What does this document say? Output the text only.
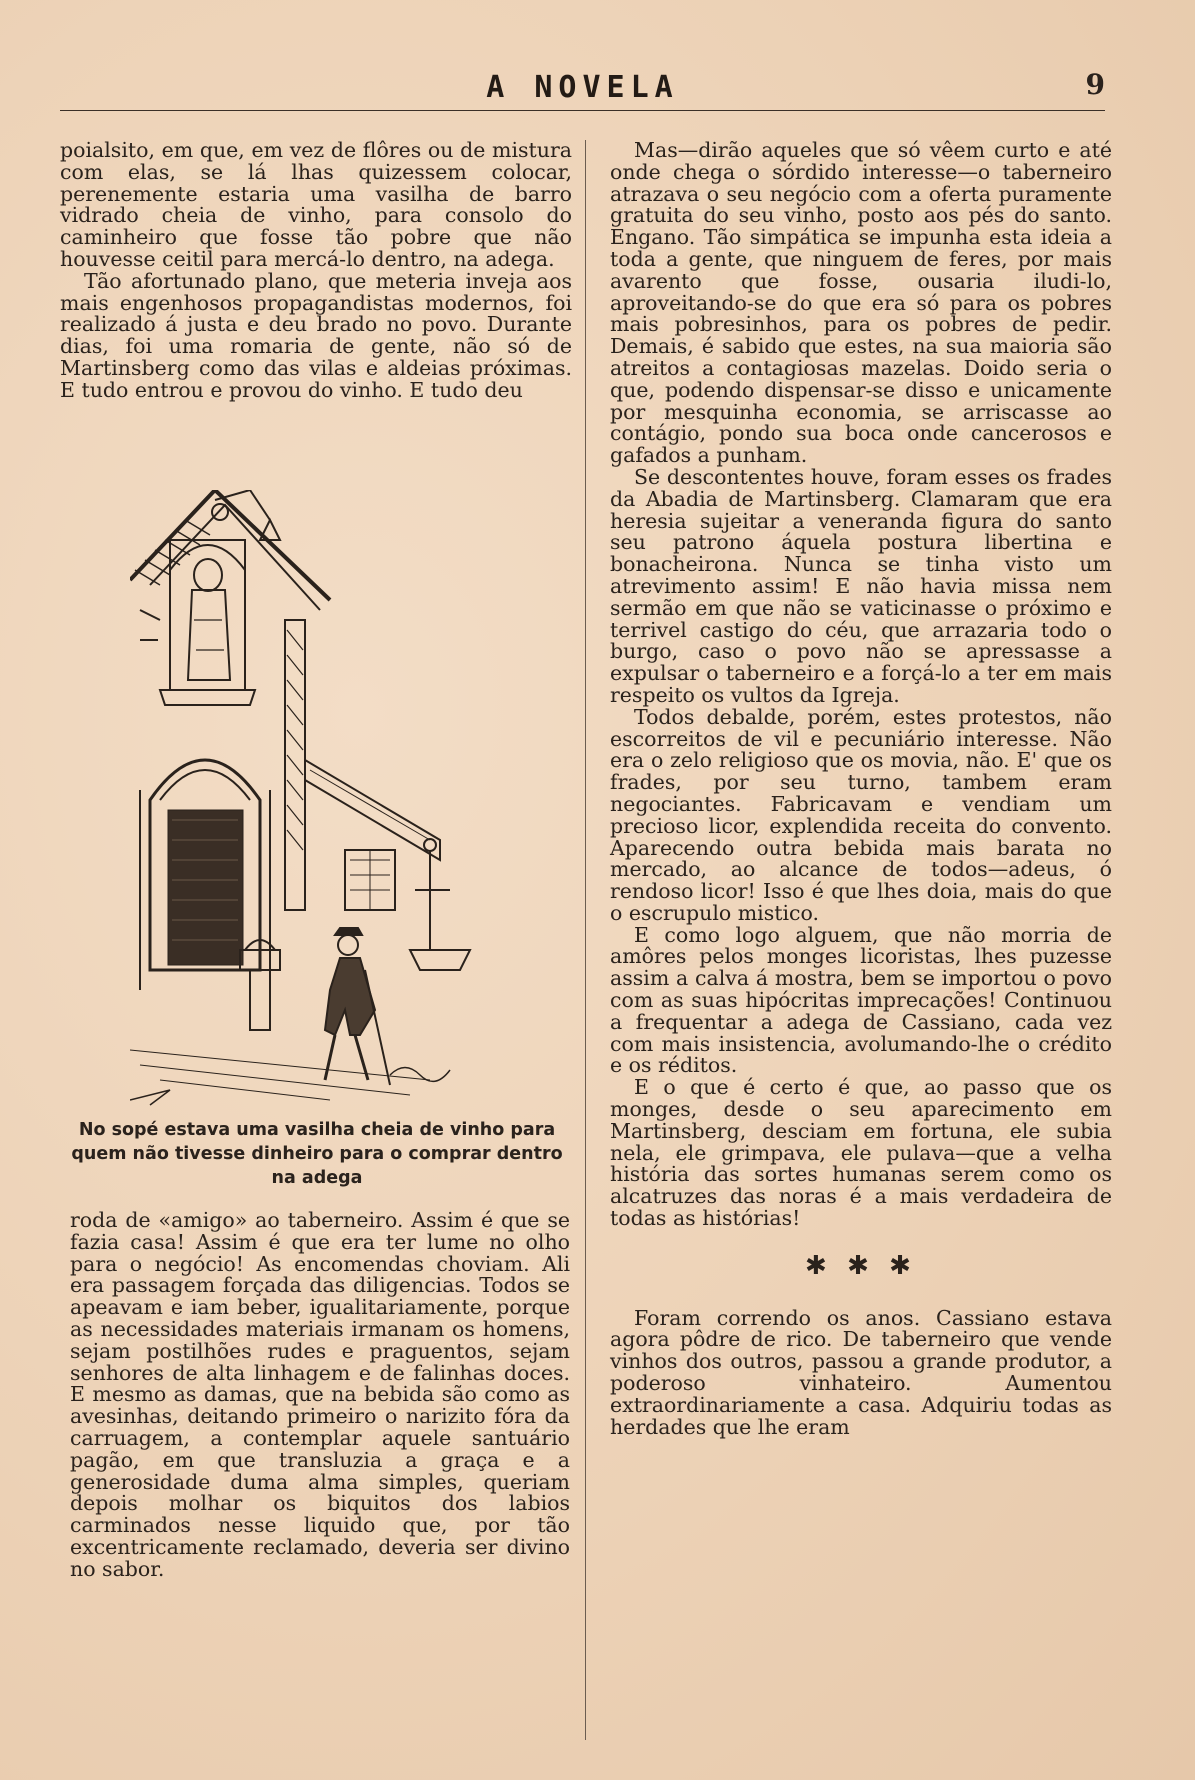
A NOVELA	9

poialsito, em que, em vez de flôres ou de mistura com elas, se lá lhas quizessem colocar, perenemente estaria uma vasilha de barro vidrado cheia de vinho, para consolo do caminheiro que fosse tão pobre que não houvesse ceitil para mercá-lo dentro, na adega.

Tão afortunado plano, que meteria inveja aos mais engenhosos propagandistas modernos, foi realizado á justa e deu brado no povo. Durante dias, foi uma romaria de gente, não só de Martinsberg como das vilas e aldeias próximas. E tudo entrou e provou do vinho. E tudo deu

No sopé estava uma vasilha cheia de vinho para quem não tivesse dinheiro para o comprar dentro na adega

roda de «amigo» ao taberneiro. Assim é que se fazia casa! Assim é que era ter lume no olho para o negócio! As encomendas choviam. Ali era passagem forçada das diligencias. Todos se apeavam e iam beber, igualitariamente, porque as necessidades materiais irmanam os homens, sejam postilhões rudes e praguentos, sejam senhores de alta linhagem e de falinhas doces. E mesmo as damas, que na bebida são como as avesinhas, deitando primeiro o narizito fóra da carruagem, a contemplar aquele santuário pagão, em que transluzia a graça e a generosidade duma alma simples, queriam depois molhar os biquitos dos labios carminados nesse liquido que, por tão excentricamente reclamado, deveria ser divino no sabor.

Mas—dirão aqueles que só vêem curto e até onde chega o sórdido interesse—o taberneiro atrazava o seu negócio com a oferta puramente gratuita do seu vinho, posto aos pés do santo. Engano. Tão simpática se impunha esta ideia a toda a gente, que ninguem de feres, por mais avarento que fosse, ousaria iludi-lo, aproveitando-se do que era só para os pobres mais pobresinhos, para os pobres de pedir. Demais, é sabido que estes, na sua maioria são atreitos a contagiosas mazelas. Doido seria o que, podendo dispensar-se disso e unicamente por mesquinha economia, se arriscasse ao contágio, pondo sua boca onde cancerosos e gafados a punham.

Se descontentes houve, foram esses os frades da Abadia de Martinsberg. Clamaram que era heresia sujeitar a veneranda figura do santo seu patrono áquela postura libertina e bonacheirona. Nunca se tinha visto um atrevimento assim! E não havia missa nem sermão em que não se vaticinasse o próximo e terrivel castigo do céu, que arrazaria todo o burgo, caso o povo não se apressasse a expulsar o taberneiro e a forçá-lo a ter em mais respeito os vultos da Igreja.

Todos debalde, porém, estes protestos, não escorreitos de vil e pecuniário interesse. Não era o zelo religioso que os movia, não. E' que os frades, por seu turno, tambem eram negociantes. Fabricavam e vendiam um precioso licor, explendida receita do convento. Aparecendo outra bebida mais barata no mercado, ao alcance de todos—adeus, ó rendoso licor! Isso é que lhes doia, mais do que o escrupulo mistico.

E como logo alguem, que não morria de amôres pelos monges licoristas, lhes puzesse assim a calva á mostra, bem se importou o povo com as suas hipócritas imprecações! Continuou a frequentar a adega de Cassiano, cada vez com mais insistencia, avolumando-lhe o crédito e os réditos.

E o que é certo é que, ao passo que os monges, desde o seu aparecimento em Martinsberg, desciam em fortuna, ele subia nela, ele grimpava, ele pulava—que a velha história das sortes humanas serem como os alcatruzes das noras é a mais verdadeira de todas as histórias!

✱ ✱ ✱

Foram correndo os anos. Cassiano estava agora pôdre de rico. De taberneiro que vende vinhos dos outros, passou a grande produtor, a poderoso vinhateiro. Aumentou extraordinariamente a casa. Adquiriu todas as herdades que lhe eram
